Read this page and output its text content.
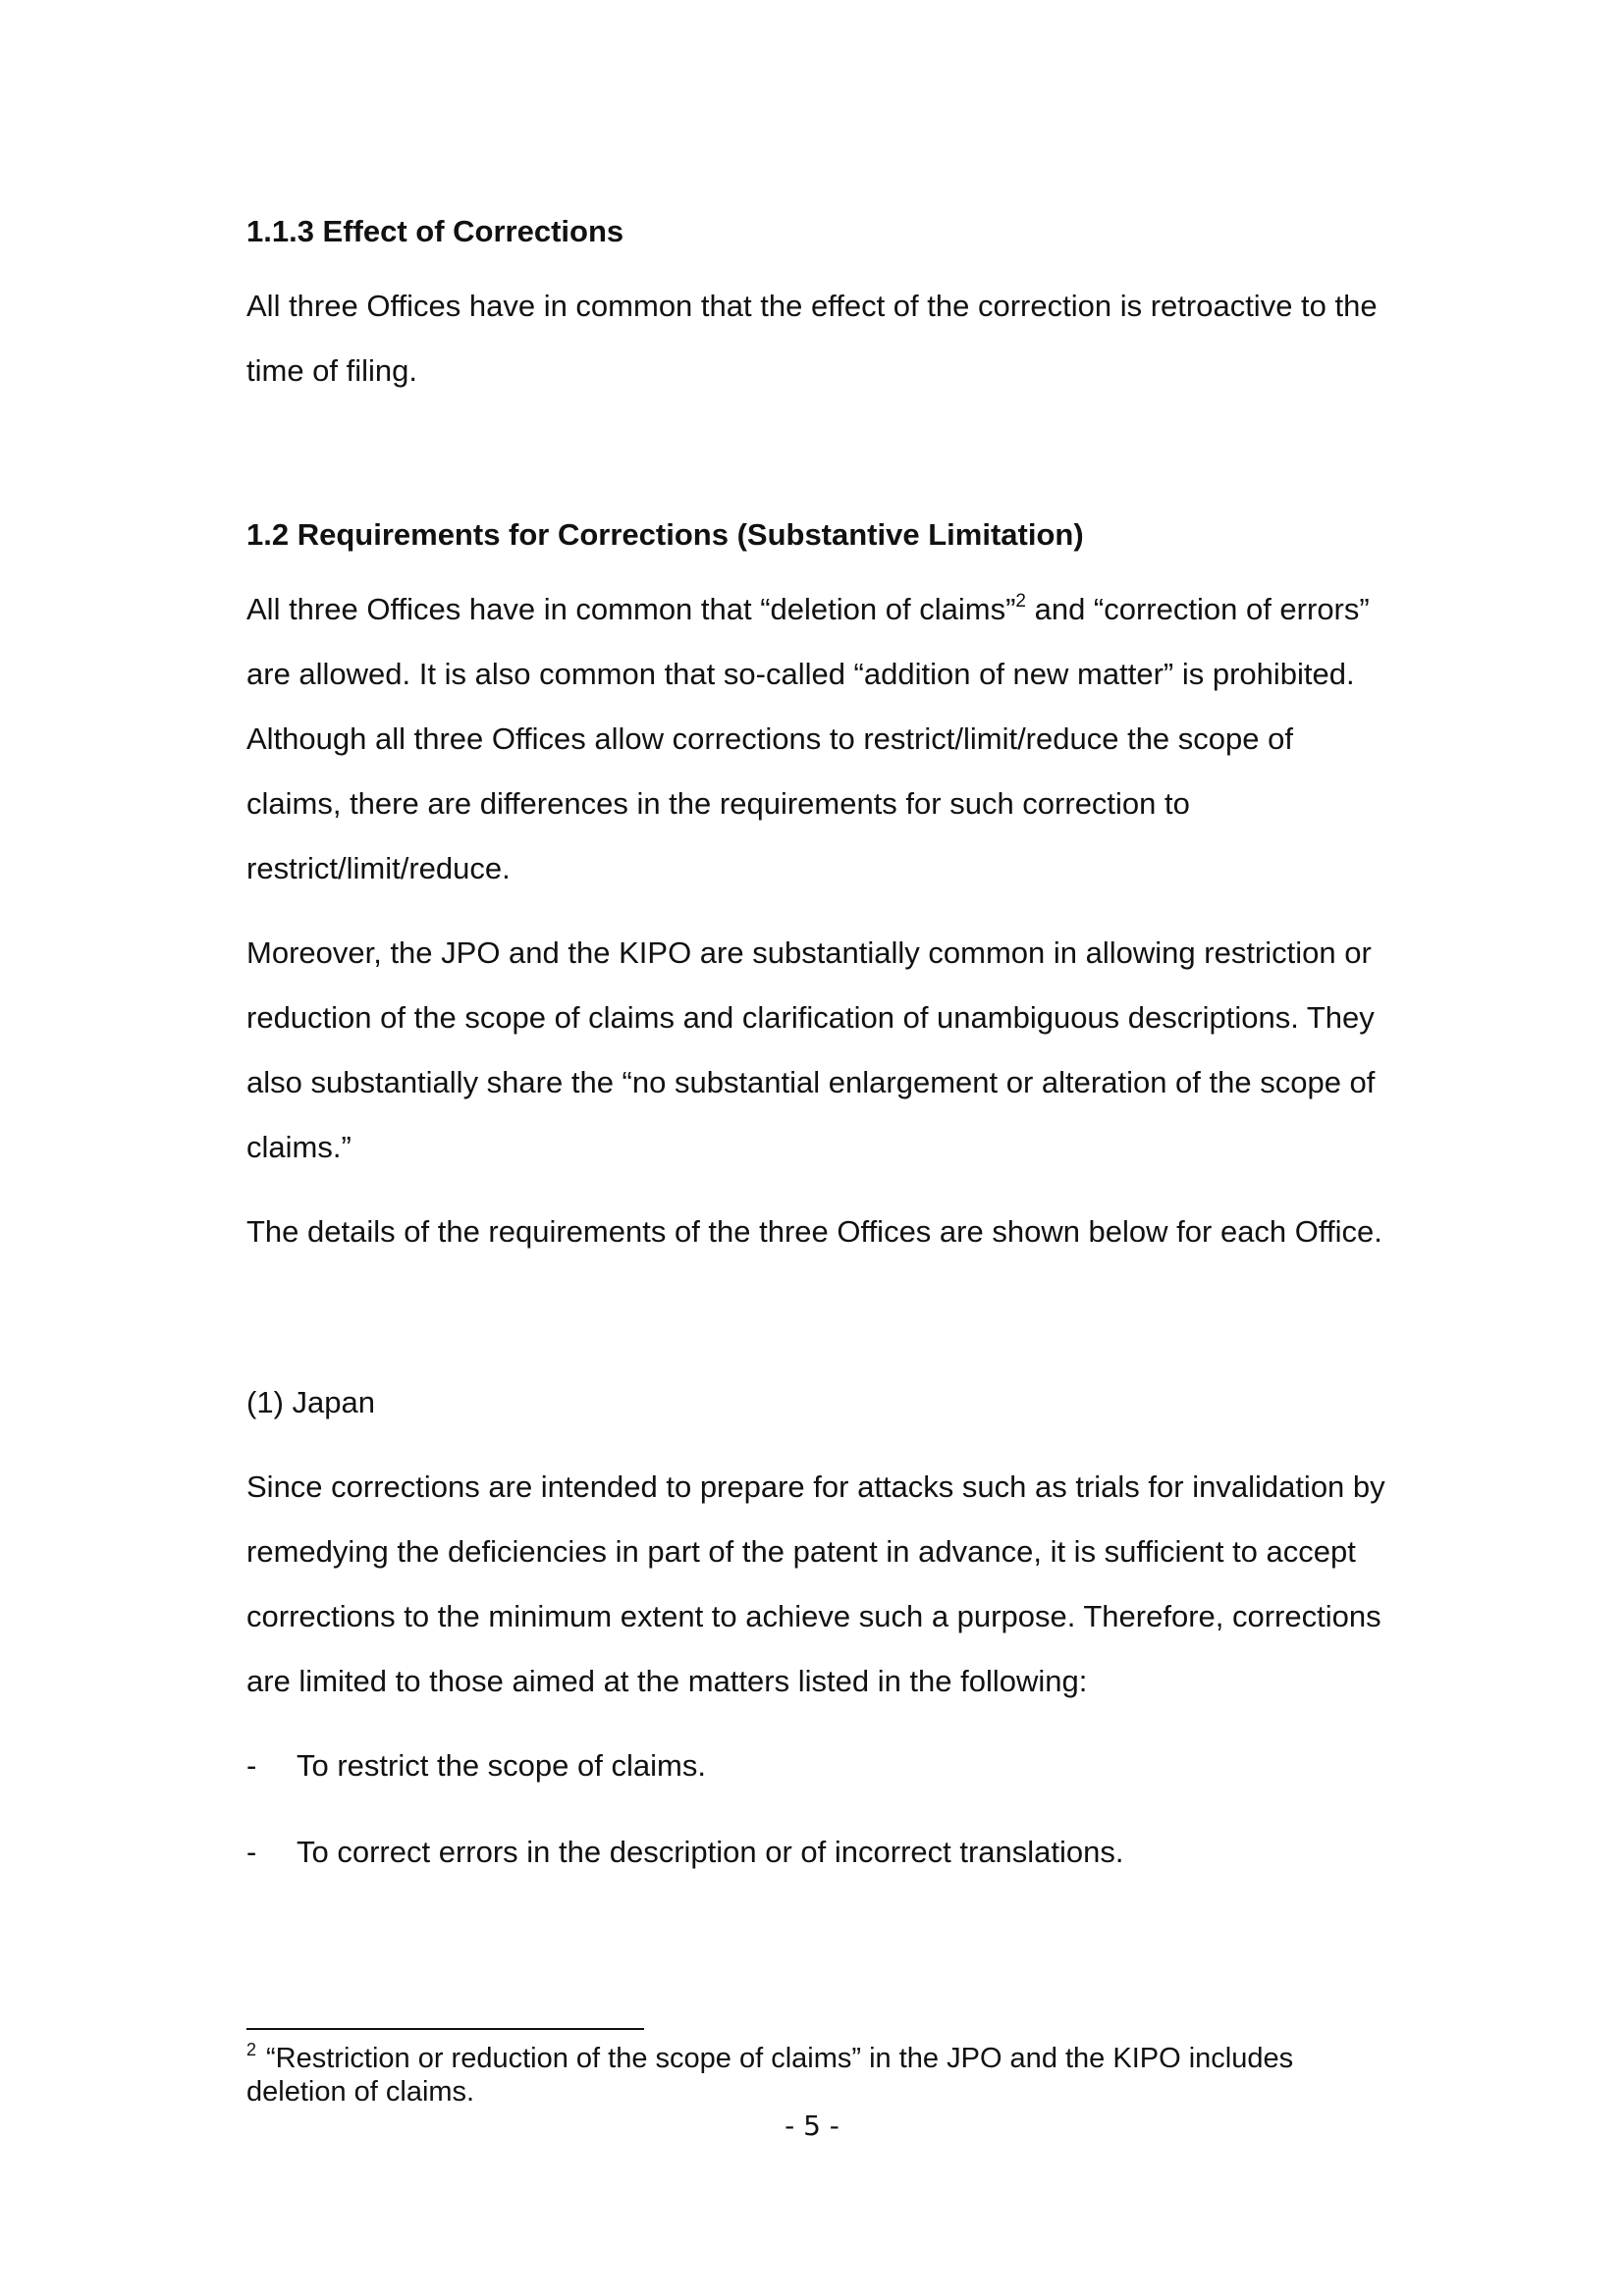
1.1.3 Effect of Corrections

All three Offices have in common that the effect of the correction is retroactive to the time of filing.

1.2 Requirements for Corrections (Substantive Limitation)

All three Offices have in common that “deletion of claims”$^2$ and “correction of errors” are allowed. It is also common that so-called “addition of new matter” is prohibited. Although all three Offices allow corrections to restrict/limit/reduce the scope of claims, there are differences in the requirements for such correction to restrict/limit/reduce.

Moreover, the JPO and the KIPO are substantially common in allowing restriction or reduction of the scope of claims and clarification of unambiguous descriptions. They also substantially share the “no substantial enlargement or alteration of the scope of claims.”

The details of the requirements of the three Offices are shown below for each Office.

(1) Japan

Since corrections are intended to prepare for attacks such as trials for invalidation by remedying the deficiencies in part of the patent in advance, it is sufficient to accept corrections to the minimum extent to achieve such a purpose. Therefore, corrections are limited to those aimed at the matters listed in the following:

-	To restrict the scope of claims.
-	To correct errors in the description or of incorrect translations.

$^2$ “Restriction or reduction of the scope of claims” in the JPO and the KIPO includes deletion of claims.

- 5 -
